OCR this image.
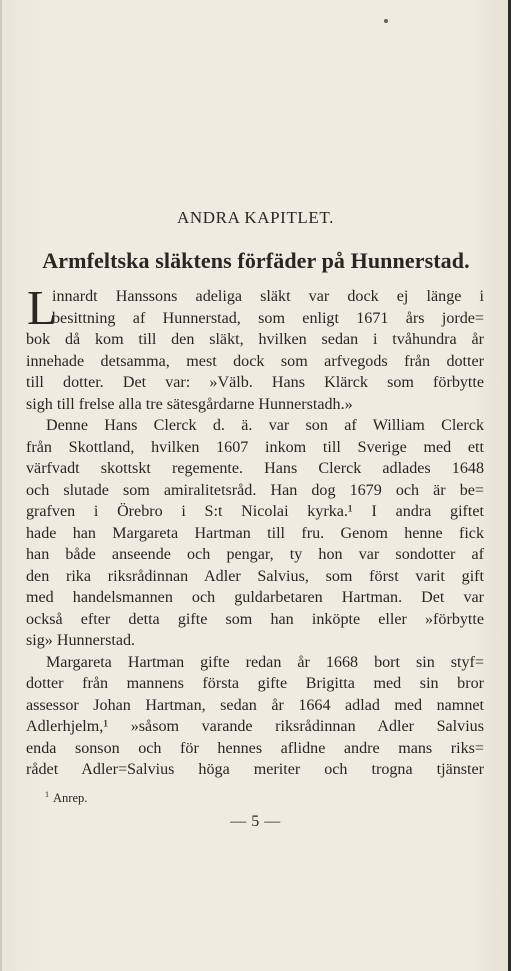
ANDRA KAPITLET.
Armfeltska släktens förfäder på Hunnerstad.
L
innardt Hanssons adeliga släkt var dock ej länge i
besittning af Hunnerstad, som enligt 1671 års jorde=
bok då kom till den släkt, hvilken sedan i tvåhundra år
innehade detsamma, mest dock som arfvegods från dotter
till dotter. Det var: »Välb. Hans Klärck som förbytte
sigh till frelse alla tre sätesgårdarne Hunnerstadh.»
Denne Hans Clerck d. ä. var son af William Clerck
från Skottland, hvilken 1607 inkom till Sverige med ett
värfvadt skottskt regemente. Hans Clerck adlades 1648
och slutade som amiralitetsråd. Han dog 1679 och är be=
grafven i Örebro i S:t Nicolai kyrka.¹ I andra giftet
hade han Margareta Hartman till fru. Genom henne fick
han både anseende och pengar, ty hon var sondotter af
den rika riksrådinnan Adler Salvius, som först varit gift
med handelsmannen och guldarbetaren Hartman. Det var
också efter detta gifte som han inköpte eller »förbytte
sig» Hunnerstad.
Margareta Hartman gifte redan år 1668 bort sin styf=
dotter från mannens första gifte Brigitta med sin bror
assessor Johan Hartman, sedan år 1664 adlad med namnet
Adlerhjelm,¹ »såsom varande riksrådinnan Adler Salvius
enda sonson och för hennes aflidne andre mans riks=
rådet Adler=Salvius höga meriter och trogna tjänster
$^1$ Anrep.
— 5 —
